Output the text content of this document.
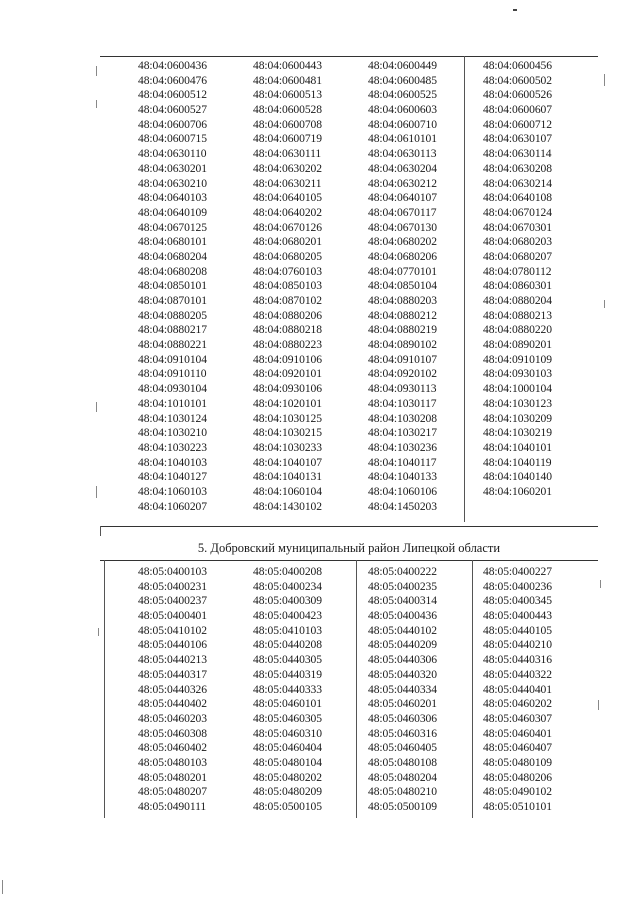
48:04:0600436	48:04:0600443	48:04:0600449	48:04:0600456
48:04:0600476	48:04:0600481	48:04:0600485	48:04:0600502
48:04:0600512	48:04:0600513	48:04:0600525	48:04:0600526
48:04:0600527	48:04:0600528	48:04:0600603	48:04:0600607
48:04:0600706	48:04:0600708	48:04:0600710	48:04:0600712
48:04:0600715	48:04:0600719	48:04:0610101	48:04:0630107
48:04:0630110	48:04:0630111	48:04:0630113	48:04:0630114
48:04:0630201	48:04:0630202	48:04:0630204	48:04:0630208
48:04:0630210	48:04:0630211	48:04:0630212	48:04:0630214
48:04:0640103	48:04:0640105	48:04:0640107	48:04:0640108
48:04:0640109	48:04:0640202	48:04:0670117	48:04:0670124
48:04:0670125	48:04:0670126	48:04:0670130	48:04:0670301
48:04:0680101	48:04:0680201	48:04:0680202	48:04:0680203
48:04:0680204	48:04:0680205	48:04:0680206	48:04:0680207
48:04:0680208	48:04:0760103	48:04:0770101	48:04:0780112
48:04:0850101	48:04:0850103	48:04:0850104	48:04:0860301
48:04:0870101	48:04:0870102	48:04:0880203	48:04:0880204
48:04:0880205	48:04:0880206	48:04:0880212	48:04:0880213
48:04:0880217	48:04:0880218	48:04:0880219	48:04:0880220
48:04:0880221	48:04:0880223	48:04:0890102	48:04:0890201
48:04:0910104	48:04:0910106	48:04:0910107	48:04:0910109
48:04:0910110	48:04:0920101	48:04:0920102	48:04:0930103
48:04:0930104	48:04:0930106	48:04:0930113	48:04:1000104
48:04:1010101	48:04:1020101	48:04:1030117	48:04:1030123
48:04:1030124	48:04:1030125	48:04:1030208	48:04:1030209
48:04:1030210	48:04:1030215	48:04:1030217	48:04:1030219
48:04:1030223	48:04:1030233	48:04:1030236	48:04:1040101
48:04:1040103	48:04:1040107	48:04:1040117	48:04:1040119
48:04:1040127	48:04:1040131	48:04:1040133	48:04:1040140
48:04:1060103	48:04:1060104	48:04:1060106	48:04:1060201
48:04:1060207	48:04:1430102	48:04:1450203
5. Добровский муниципальный район Липецкой области
48:05:0400103	48:05:0400208	48:05:0400222	48:05:0400227
48:05:0400231	48:05:0400234	48:05:0400235	48:05:0400236
48:05:0400237	48:05:0400309	48:05:0400314	48:05:0400345
48:05:0400401	48:05:0400423	48:05:0400436	48:05:0400443
48:05:0410102	48:05:0410103	48:05:0440102	48:05:0440105
48:05:0440106	48:05:0440208	48:05:0440209	48:05:0440210
48:05:0440213	48:05:0440305	48:05:0440306	48:05:0440316
48:05:0440317	48:05:0440319	48:05:0440320	48:05:0440322
48:05:0440326	48:05:0440333	48:05:0440334	48:05:0440401
48:05:0440402	48:05:0460101	48:05:0460201	48:05:0460202
48:05:0460203	48:05:0460305	48:05:0460306	48:05:0460307
48:05:0460308	48:05:0460310	48:05:0460316	48:05:0460401
48:05:0460402	48:05:0460404	48:05:0460405	48:05:0460407
48:05:0480103	48:05:0480104	48:05:0480108	48:05:0480109
48:05:0480201	48:05:0480202	48:05:0480204	48:05:0480206
48:05:0480207	48:05:0480209	48:05:0480210	48:05:0490102
48:05:0490111	48:05:0500105	48:05:0500109	48:05:0510101
